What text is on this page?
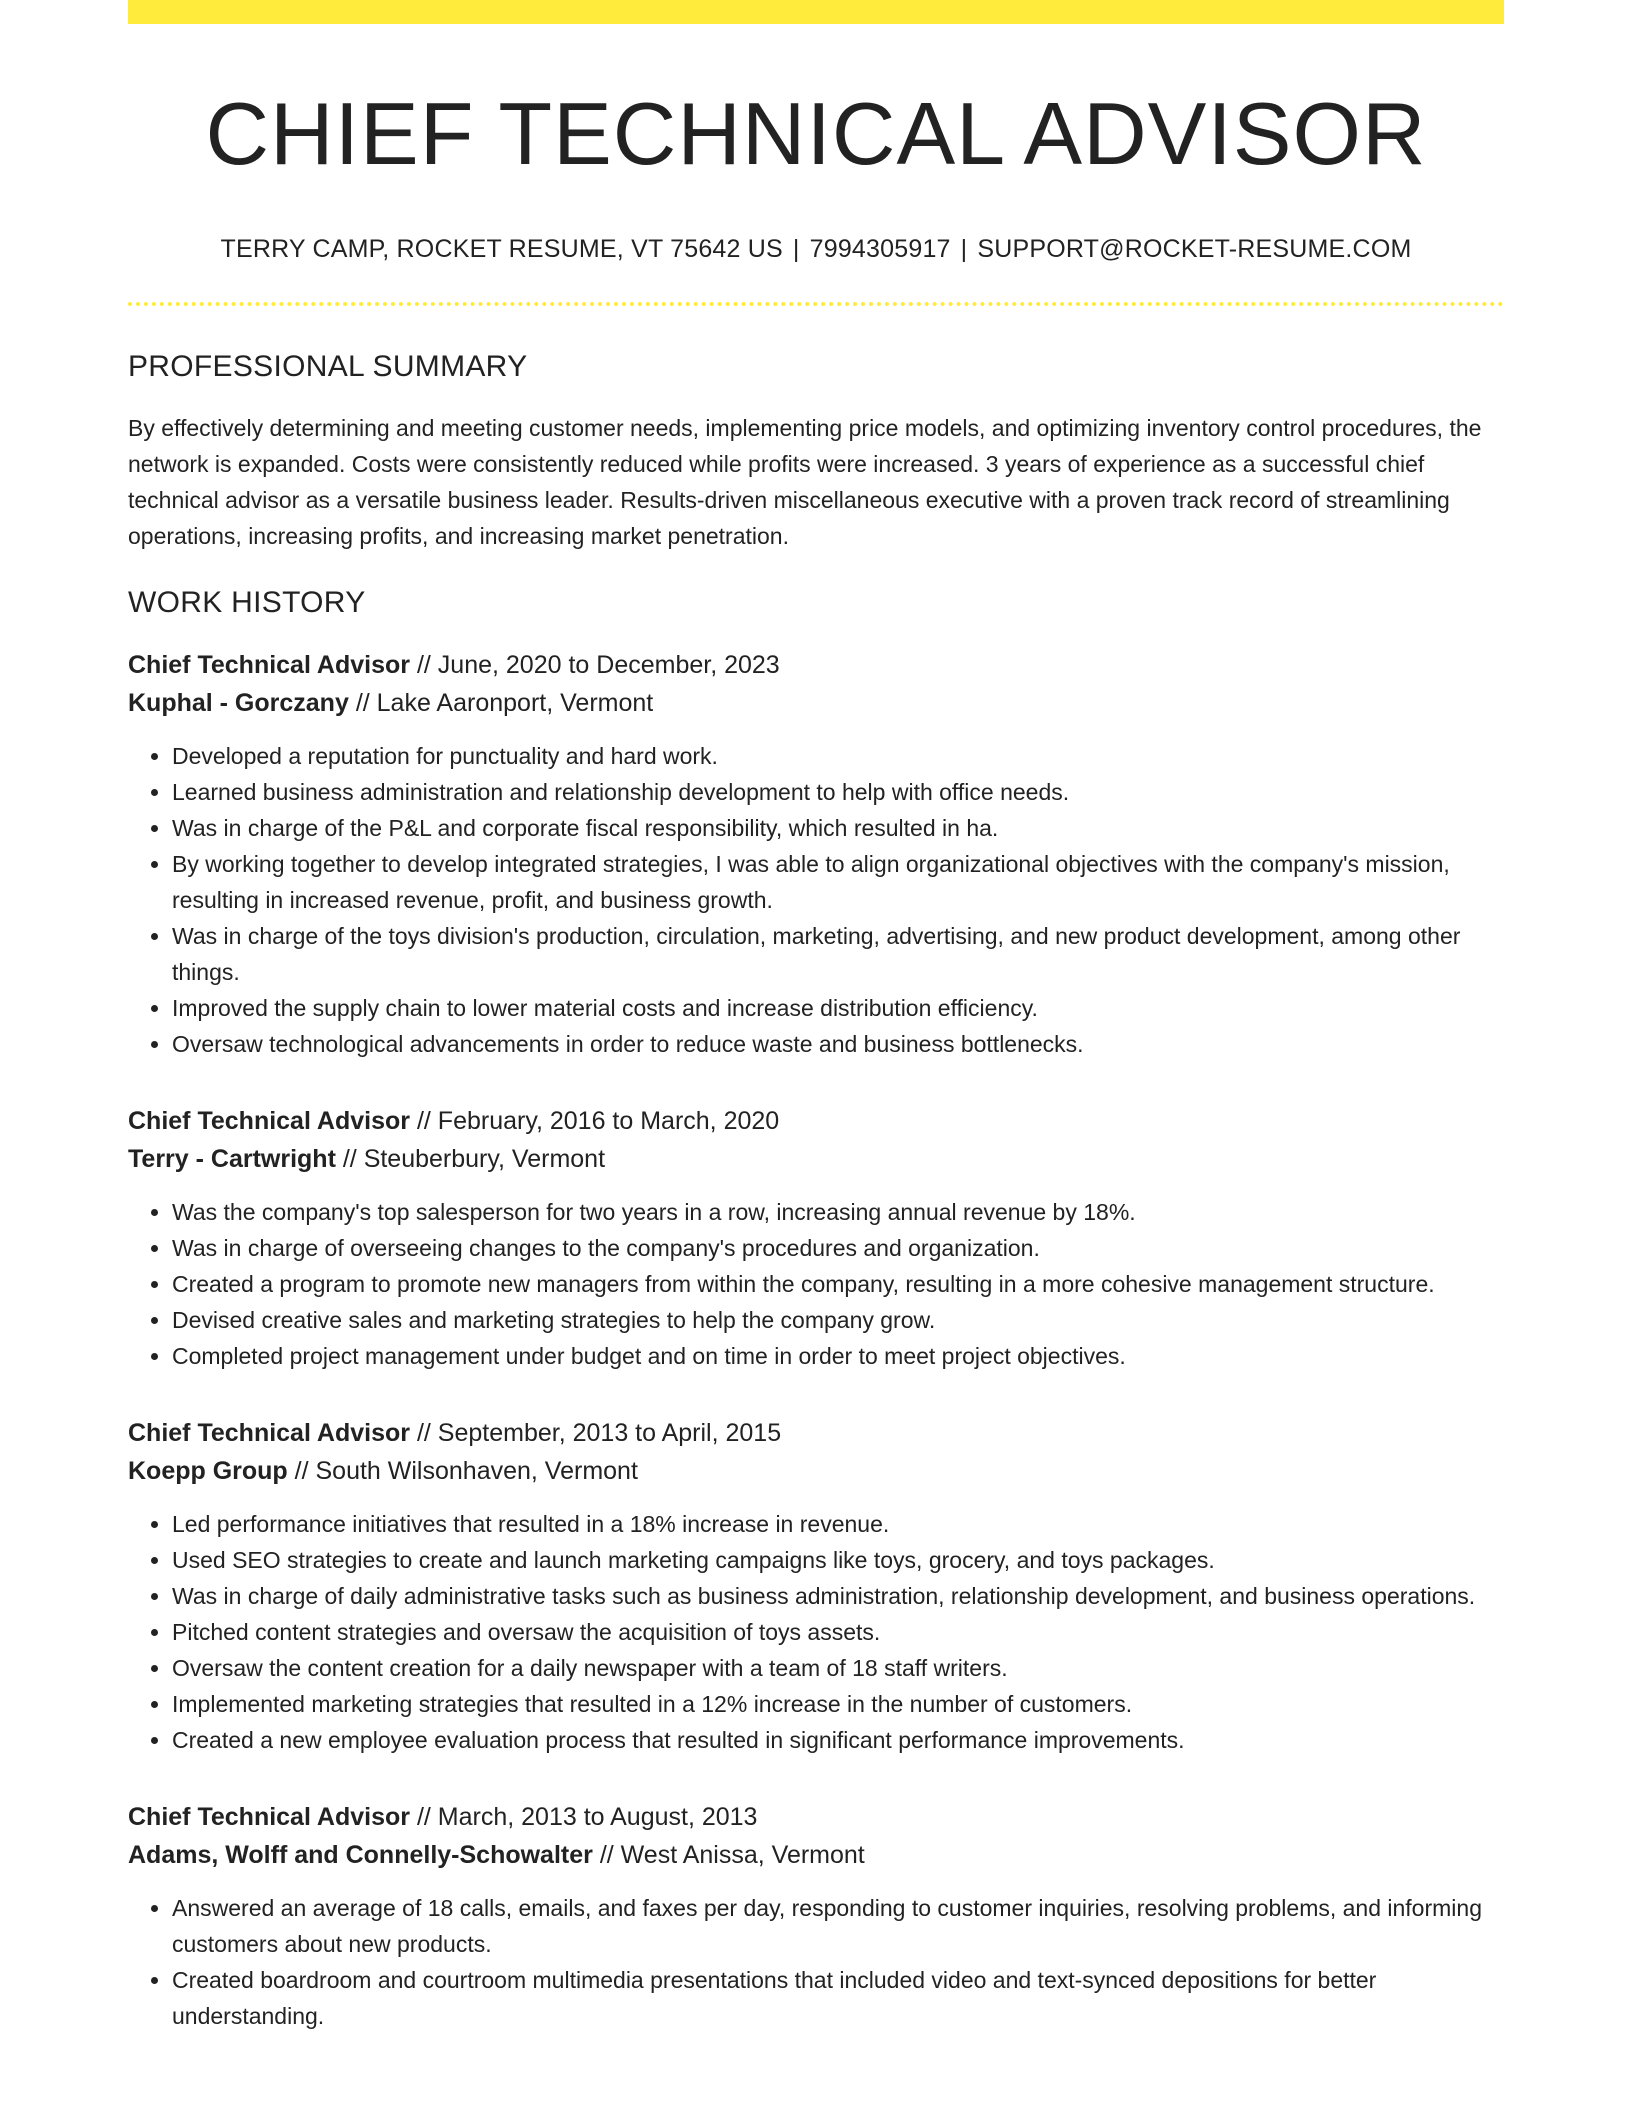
CHIEF TECHNICAL ADVISOR
TERRY CAMP, ROCKET RESUME, VT 75642 US | 7994305917 | SUPPORT@ROCKET-RESUME.COM
PROFESSIONAL SUMMARY

By effectively determining and meeting customer needs, implementing price models, and optimizing inventory control procedures, the network is expanded. Costs were consistently reduced while profits were increased. 3 years of experience as a successful chief technical advisor as a versatile business leader. Results-driven miscellaneous executive with a proven track record of streamlining operations, increasing profits, and increasing market penetration.

WORK HISTORY
Chief Technical Advisor // June, 2020 to December, 2023
Kuphal - Gorczany // Lake Aaronport, Vermont
• Developed a reputation for punctuality and hard work.
• Learned business administration and relationship development to help with office needs.
• Was in charge of the P&L and corporate fiscal responsibility, which resulted in ha.
• By working together to develop integrated strategies, I was able to align organizational objectives with the company's mission, resulting in increased revenue, profit, and business growth.
• Was in charge of the toys division's production, circulation, marketing, advertising, and new product development, among other things.
• Improved the supply chain to lower material costs and increase distribution efficiency.
• Oversaw technological advancements in order to reduce waste and business bottlenecks.
Chief Technical Advisor // February, 2016 to March, 2020
Terry - Cartwright // Steuberbury, Vermont
• Was the company's top salesperson for two years in a row, increasing annual revenue by 18%.
• Was in charge of overseeing changes to the company's procedures and organization.
• Created a program to promote new managers from within the company, resulting in a more cohesive management structure.
• Devised creative sales and marketing strategies to help the company grow.
• Completed project management under budget and on time in order to meet project objectives.
Chief Technical Advisor // September, 2013 to April, 2015
Koepp Group // South Wilsonhaven, Vermont
• Led performance initiatives that resulted in a 18% increase in revenue.
• Used SEO strategies to create and launch marketing campaigns like toys, grocery, and toys packages.
• Was in charge of daily administrative tasks such as business administration, relationship development, and business operations.
• Pitched content strategies and oversaw the acquisition of toys assets.
• Oversaw the content creation for a daily newspaper with a team of 18 staff writers.
• Implemented marketing strategies that resulted in a 12% increase in the number of customers.
• Created a new employee evaluation process that resulted in significant performance improvements.
Chief Technical Advisor // March, 2013 to August, 2013
Adams, Wolff and Connelly-Schowalter // West Anissa, Vermont
• Answered an average of 18 calls, emails, and faxes per day, responding to customer inquiries, resolving problems, and informing customers about new products.
• Created boardroom and courtroom multimedia presentations that included video and text-synced depositions for better understanding.
